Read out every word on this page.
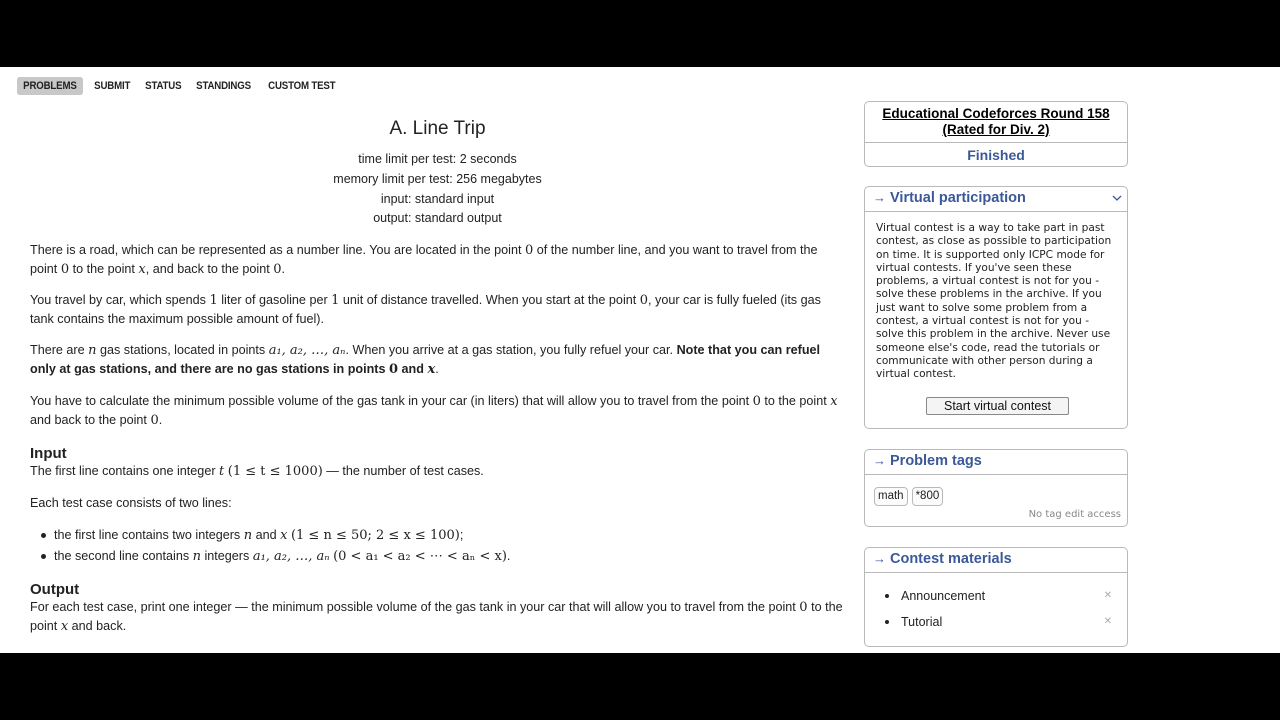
PROBLEMS	SUBMIT	STATUS	STANDINGS	CUSTOM TEST
A. Line Trip
time limit per test: 2 seconds
memory limit per test: 256 megabytes
input: standard input
output: standard output
There is a road, which can be represented as a number line. You are located in the point 0 of the number line, and you want to travel from the point 0 to the point x, and back to the point 0.
You travel by car, which spends 1 liter of gasoline per 1 unit of distance travelled. When you start at the point 0, your car is fully fueled (its gas tank contains the maximum possible amount of fuel).
There are n gas stations, located in points a₁, a₂, …, aₙ. When you arrive at a gas station, you fully refuel your car. Note that you can refuel only at gas stations, and there are no gas stations in points 0 and x.
You have to calculate the minimum possible volume of the gas tank in your car (in liters) that will allow you to travel from the point 0 to the point x and back to the point 0.
Input
The first line contains one integer t (1 ≤ t ≤ 1000) — the number of test cases.
Each test case consists of two lines:
the first line contains two integers n and x (1 ≤ n ≤ 50; 2 ≤ x ≤ 100);
the second line contains n integers a₁, a₂, …, aₙ (0 < a₁ < a₂ < ⋯ < aₙ < x).
Output
For each test case, print one integer — the minimum possible volume of the gas tank in your car that will allow you to travel from the point 0 to the point x and back.
Educational Codeforces Round 158 (Rated for Div. 2)
Finished
→ Virtual participation
Virtual contest is a way to take part in past contest, as close as possible to participation on time. It is supported only ICPC mode for virtual contests. If you've seen these problems, a virtual contest is not for you - solve these problems in the archive. If you just want to solve some problem from a contest, a virtual contest is not for you - solve this problem in the archive. Never use someone else's code, read the tutorials or communicate with other person during a virtual contest.
Start virtual contest
→ Problem tags
math	*800
No tag edit access
→ Contest materials
Announcement	✕
Tutorial	✕
